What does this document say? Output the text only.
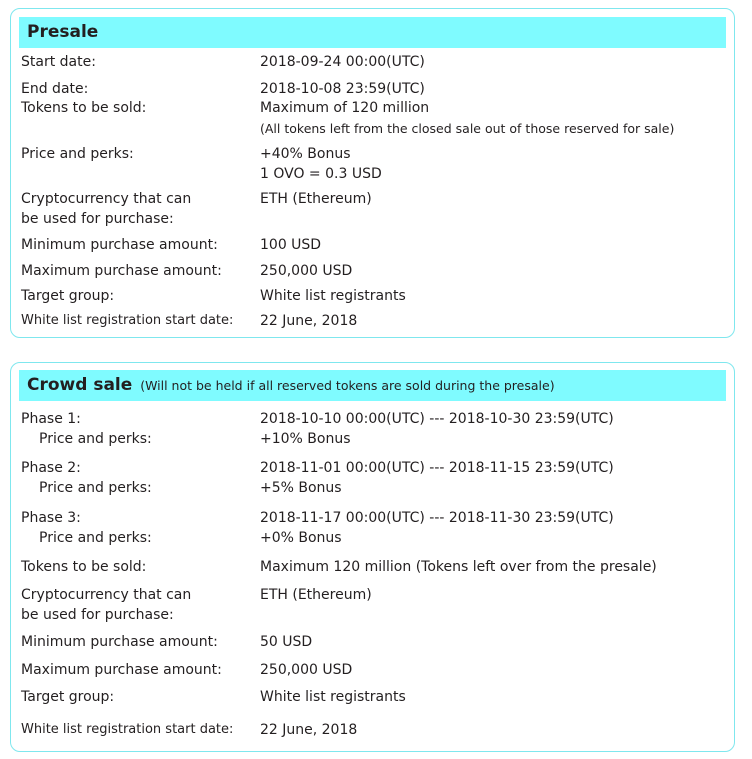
Presale
Start date:	2018-09-24 00:00(UTC)
End date:	2018-10-08 23:59(UTC)
Tokens to be sold:	Maximum of 120 million
(All tokens left from the closed sale out of those reserved for sale)
Price and perks:	+40% Bonus
1 OVO = 0.3 USD
Cryptocurrency that can
be used for purchase:
ETH (Ethereum)
Minimum purchase amount:	100 USD
Maximum purchase amount:	250,000 USD
Target group:	White list registrants
White list registration start date: 22 June, 2018
Crowd sale (Will not be held if all reserved tokens are sold during the presale)
Phase 1:	2018-10-10 00:00(UTC) --- 2018-10-30 23:59(UTC)
Price and perks:	+10% Bonus
Phase 2:	2018-11-01 00:00(UTC) --- 2018-11-15 23:59(UTC)
Price and perks:	+5% Bonus
Phase 3:	2018-11-17 00:00(UTC) --- 2018-11-30 23:59(UTC)
Price and perks:	+0% Bonus
Tokens to be sold:	Maximum 120 million (Tokens left over from the presale)
Cryptocurrency that can
be used for purchase:
ETH (Ethereum)
Minimum purchase amount:	50 USD
Maximum purchase amount:	250,000 USD
Target group:	White list registrants
White list registration start date: 22 June, 2018
